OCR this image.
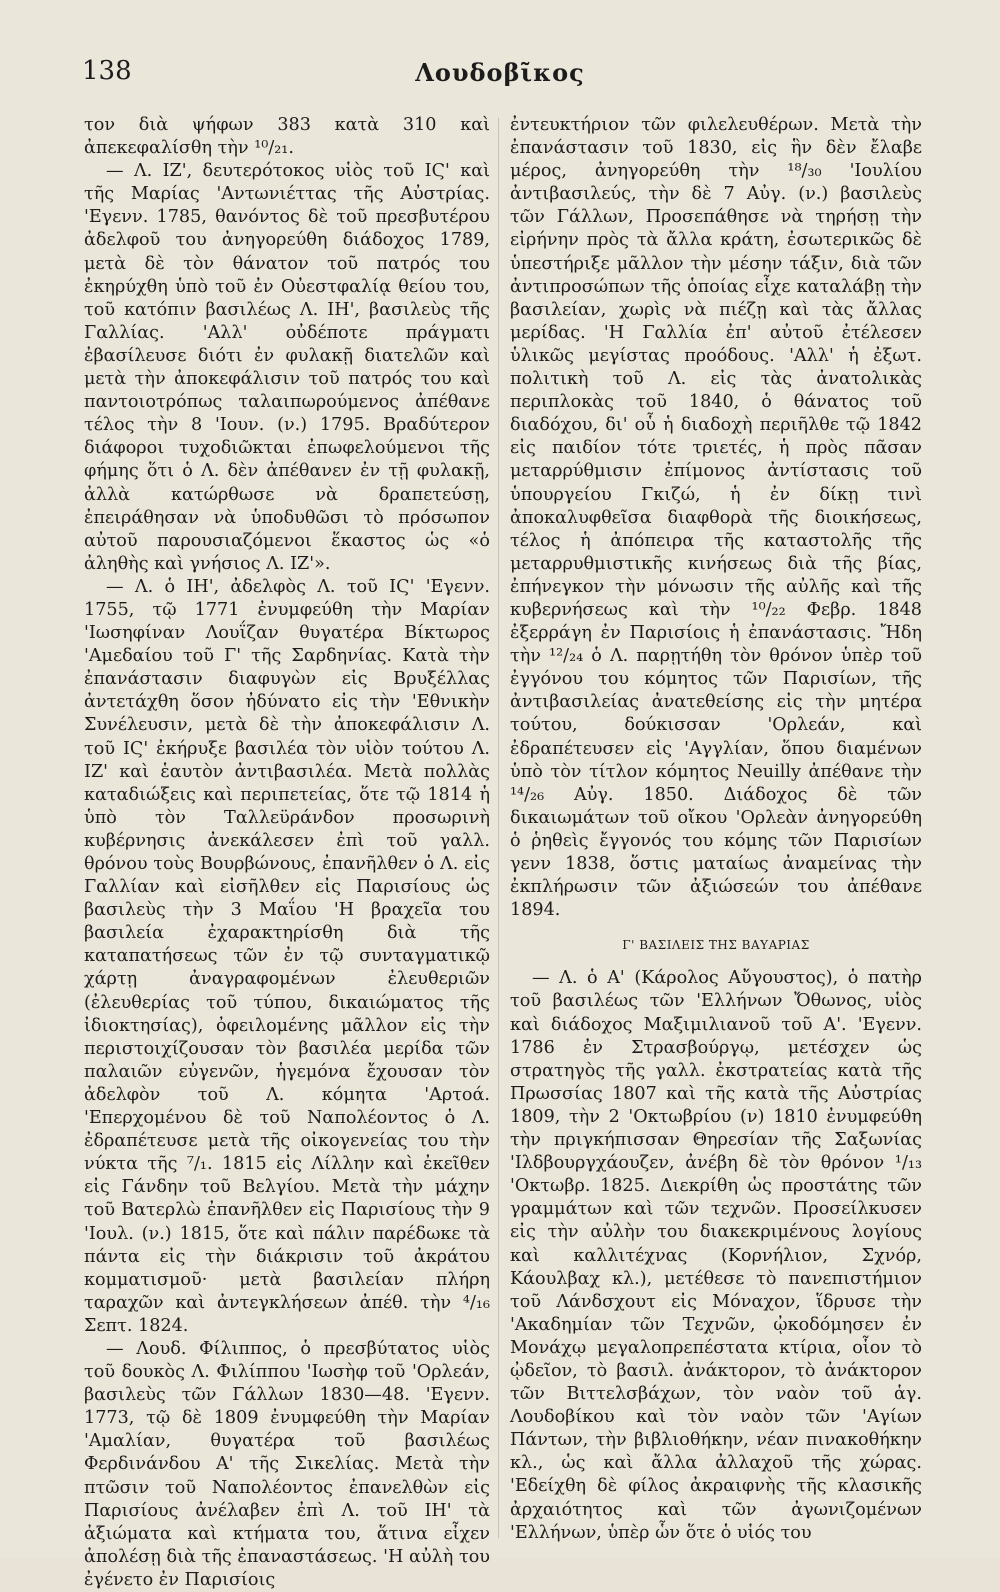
138	Λουδοβῖκος

τον διὰ ψήφων 383 κατὰ 310 καὶ ἀπεκεφαλίσθη τὴν ¹⁰/₂₁.

— Λ. ΙΖ', δευτερότοκος υἱὸς τοῦ ΙϚ' καὶ τῆς Μαρίας 'Αντωνιέττας τῆς Αὐστρίας. 'Εγενν. 1785, θανόντος δὲ τοῦ πρεσβυτέρου ἀδελφοῦ του ἀνηγορεύθη διάδοχος 1789, μετὰ δὲ τὸν θάνατον τοῦ πατρός του ἐκηρύχθη ὑπὸ τοῦ ἐν Οὐεστφαλίᾳ θείου του, τοῦ κατόπιν βασιλέως Λ. ΙΗ', βασιλεὺς τῆς Γαλλίας. 'Αλλ' οὐδέποτε πράγματι ἐβασίλευσε διότι ἐν φυλακῇ διατελῶν καὶ μετὰ τὴν ἀποκεφάλισιν τοῦ πατρός του καὶ παντοιοτρόπως ταλαιπωρούμενος ἀπέθανε τέλος τὴν 8 'Ιουν. (ν.) 1795. Βραδύτερον διάφοροι τυχοδιῶκται ἐπωφελούμενοι τῆς φήμης ὅτι ὁ Λ. δὲν ἀπέθανεν ἐν τῇ φυλακῇ, ἀλλὰ κατώρθωσε νὰ δραπετεύσῃ, ἐπειράθησαν νὰ ὑποδυθῶσι τὸ πρόσωπον αὐτοῦ παρουσιαζόμενοι ἕκαστος ὡς «ὁ ἀληθὴς καὶ γνήσιος Λ. ΙΖ'».

— Λ. ὁ ΙΗ', ἀδελφὸς Λ. τοῦ ΙϚ' 'Εγενν. 1755, τῷ 1771 ἐνυμφεύθη τὴν Μαρίαν 'Ιωσηφίναν Λουΐζαν θυγατέρα Βίκτωρος 'Αμεδαίου τοῦ Γ' τῆς Σαρδηνίας. Κατὰ τὴν ἐπανάστασιν διαφυγὼν εἰς Βρυξέλλας ἀντετάχθη ὅσον ἠδύνατο εἰς τὴν 'Εθνικὴν Συνέλευσιν, μετὰ δὲ τὴν ἀποκεφάλισιν Λ. τοῦ ΙϚ' ἐκήρυξε βασιλέα τὸν υἱὸν τούτου Λ. ΙΖ' καὶ ἑαυτὸν ἀντιβασιλέα. Μετὰ πολλὰς καταδιώξεις καὶ περιπετείας, ὅτε τῷ 1814 ἡ ὑπὸ τὸν Ταλλεϋράνδον προσωρινὴ κυβέρνησις ἀνεκάλεσεν ἐπὶ τοῦ γαλλ. θρόνου τοὺς Βουρβώνους, ἐπανῆλθεν ὁ Λ. εἰς Γαλλίαν καὶ εἰσῆλθεν εἰς Παρισίους ὡς βασιλεὺς τὴν 3 Μαΐου 'Η βραχεῖα του βασιλεία ἐχαρακτηρίσθη διὰ τῆς καταπατήσεως τῶν ἐν τῷ συνταγματικῷ χάρτῃ ἀναγραφομένων ἐλευθεριῶν (ἐλευθερίας τοῦ τύπου, δικαιώματος τῆς ἰδιοκτησίας), ὀφειλομένης μᾶλλον εἰς τὴν περιστοιχίζουσαν τὸν βασιλέα μερίδα τῶν παλαιῶν εὐγενῶν, ἡγεμόνα ἔχουσαν τὸν ἀδελφὸν τοῦ Λ. κόμητα 'Αρτοά. 'Επερχομένου δὲ τοῦ Ναπολέοντος ὁ Λ. ἐδραπέτευσε μετὰ τῆς οἰκογενείας του τὴν νύκτα τῆς ⁷/₁. 1815 εἰς Λίλλην καὶ ἐκεῖθεν εἰς Γάνδην τοῦ Βελγίου. Μετὰ τὴν μάχην τοῦ Βατερλὼ ἐπανῆλθεν εἰς Παρισίους τὴν 9 'Ιουλ. (ν.) 1815, ὅτε καὶ πάλιν παρέδωκε τὰ πάντα εἰς τὴν διάκρισιν τοῦ ἀκράτου κομματισμοῦ· μετὰ βασιλείαν πλήρη ταραχῶν καὶ ἀντεγκλήσεων ἀπέθ. τὴν ⁴/₁₆ Σεπτ. 1824.

— Λουδ. Φίλιππος, ὁ πρεσβύτατος υἱὸς τοῦ δουκὸς Λ. Φιλίππου 'Ιωσὴφ τοῦ 'Ορλεάν, βασιλεὺς τῶν Γάλλων 1830—48. 'Εγενν. 1773, τῷ δὲ 1809 ἐνυμφεύθη τὴν Μαρίαν 'Αμαλίαν, θυγατέρα τοῦ βασιλέως Φερδινάνδου Α' τῆς Σικελίας. Μετὰ τὴν πτῶσιν τοῦ Ναπολέοντος ἐπανελθὼν εἰς Παρισίους ἀνέλαβεν ἐπὶ Λ. τοῦ ΙΗ' τὰ ἀξιώματα καὶ κτήματα του, ἅτινα εἶχεν ἀπολέσῃ διὰ τῆς ἐπαναστάσεως. 'Η αὐλὴ του ἐγένετο ἐν Παρισίοις

ἐντευκτήριον τῶν φιλελευθέρων. Μετὰ τὴν ἐπανάστασιν τοῦ 1830, εἰς ἣν δὲν ἔλαβε μέρος, ἀνηγορεύθη τὴν ¹⁸/₃₀ 'Ιουλίου ἀντιβασιλεύς, τὴν δὲ 7 Αὐγ. (ν.) βασιλεὺς τῶν Γάλλων, Προσεπάθησε νὰ τηρήσῃ τὴν εἰρήνην πρὸς τὰ ἄλλα κράτη, ἐσωτερικῶς δὲ ὑπεστήριξε μᾶλλον τὴν μέσην τάξιν, διὰ τῶν ἀντιπροσώπων τῆς ὁποίας εἶχε καταλάβῃ τὴν βασιλείαν, χωρὶς νὰ πιέζῃ καὶ τὰς ἄλλας μερίδας. 'Η Γαλλία ἐπ' αὐτοῦ ἐτέλεσεν ὑλικῶς μεγίστας προόδους. 'Αλλ' ἡ ἐξωτ. πολιτικὴ τοῦ Λ. εἰς τὰς ἀνατολικὰς περιπλοκὰς τοῦ 1840, ὁ θάνατος τοῦ διαδόχου, δι' οὗ ἡ διαδοχὴ περιῆλθε τῷ 1842 εἰς παιδίον τότε τριετές, ἡ πρὸς πᾶσαν μεταρρύθμισιν ἐπίμονος ἀντίστασις τοῦ ὑπουργείου Γκιζώ, ἡ ἐν δίκῃ τινὶ ἀποκαλυφθεῖσα διαφθορὰ τῆς διοικήσεως, τέλος ἡ ἀπόπειρα τῆς καταστολῆς τῆς μεταρρυθμιστικῆς κινήσεως διὰ τῆς βίας, ἐπήνεγκον τὴν μόνωσιν τῆς αὐλῆς καὶ τῆς κυβερνήσεως καὶ τὴν ¹⁰/₂₂ Φεβρ. 1848 ἐξερράγη ἐν Παρισίοις ἡ ἐπανάστασις. Ἤδη τὴν ¹²/₂₄ ὁ Λ. παρῃτήθη τὸν θρόνον ὑπὲρ τοῦ ἐγγόνου του κόμητος τῶν Παρισίων, τῆς ἀντιβασιλείας ἀνατεθείσης εἰς τὴν μητέρα τούτου, δούκισσαν 'Ορλεάν, καὶ ἐδραπέτευσεν εἰς 'Αγγλίαν, ὅπου διαμένων ὑπὸ τὸν τίτλον κόμητος Neuilly ἀπέθανε τὴν ¹⁴/₂₆ Αὐγ. 1850. Διάδοχος δὲ τῶν δικαιωμάτων τοῦ οἴκου 'Ορλεὰν ἀνηγορεύθη ὁ ῥηθεὶς ἔγγονός του κόμης τῶν Παρισίων γενν 1838, ὅστις ματαίως ἀναμείνας τὴν ἐκπλήρωσιν τῶν ἀξιώσεών του ἀπέθανε 1894.

Γ' ΒΑΣΙΛΕΙΣ ΤΗΣ ΒΑΥΑΡΙΑΣ

— Λ. ὁ Α' (Κάρολος Αὔγουστος), ὁ πατὴρ τοῦ βασιλέως τῶν 'Ελλήνων Ὄθωνος, υἱὸς καὶ διάδοχος Μαξιμιλιανοῦ τοῦ Α'. 'Εγενν. 1786 ἐν Στρασβούργῳ, μετέσχεν ὡς στρατηγὸς τῆς γαλλ. ἐκστρατείας κατὰ τῆς Πρωσσίας 1807 καὶ τῆς κατὰ τῆς Αὐστρίας 1809, τὴν 2 'Οκτωβρίου (ν) 1810 ἐνυμφεύθη τὴν πριγκήπισσαν Θηρεσίαν τῆς Σαξωνίας 'Ιλδβουργχάουζεν, ἀνέβη δὲ τὸν θρόνον ¹/₁₃ 'Οκτωβρ. 1825. Διεκρίθη ὡς προστάτης τῶν γραμμάτων καὶ τῶν τεχνῶν. Προσείλκυσεν εἰς τὴν αὐλὴν του διακεκριμένους λογίους καὶ καλλιτέχνας (Κορνήλιον, Σχνόρ, Κάουλβαχ κλ.), μετέθεσε τὸ πανεπιστήμιον τοῦ Λάνδσχουτ εἰς Μόναχον, ἵδρυσε τὴν 'Ακαδημίαν τῶν Τεχνῶν, ᾠκοδόμησεν ἐν Μονάχῳ μεγαλοπρεπέστατα κτίρια, οἷον τὸ ᾠδεῖον, τὸ βασιλ. ἀνάκτορον, τὸ ἀνάκτορον τῶν Βιττελσβάχων, τὸν ναὸν τοῦ ἁγ. Λουδοβίκου καὶ τὸν ναὸν τῶν 'Αγίων Πάντων, τὴν βιβλιοθήκην, νέαν πινακοθήκην κλ., ὡς καὶ ἄλλα ἀλλαχοῦ τῆς χώρας. 'Εδείχθη δὲ φίλος ἀκραιφνὴς τῆς κλασικῆς ἀρχαιότητος καὶ τῶν ἀγωνιζομένων 'Ελλήνων, ὑπὲρ ὧν ὅτε ὁ υἱός του
